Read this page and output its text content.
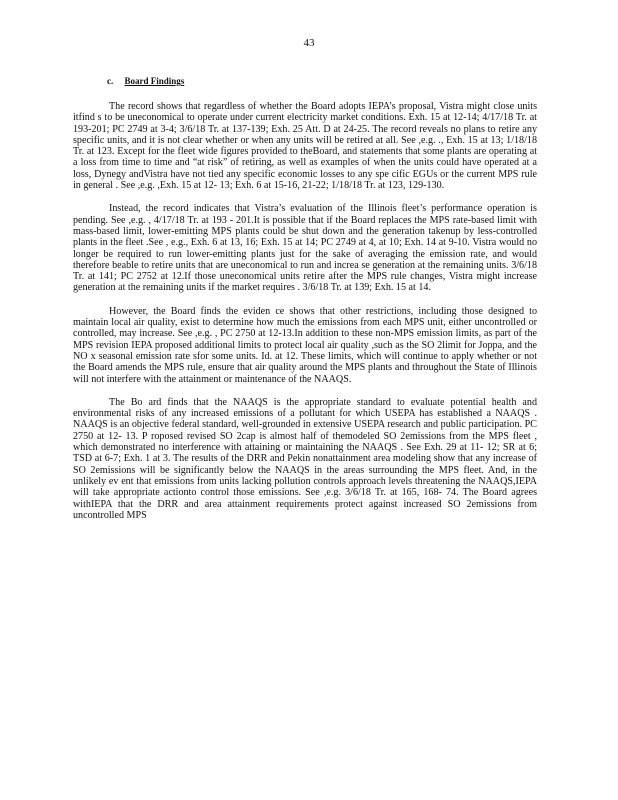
43
c. Board Findings

The record shows that regardless of whether the Board adopts IEPA’s proposal, Vistra might close units itfind s to be uneconomical to operate under current electricity market conditions. Exh. 15 at 12-14; 4/17/18 Tr. at 193-201; PC 2749 at 3-4; 3/6/18 Tr. at 137-139; Exh. 25 Att. D at 24-25. The record reveals no plans to retire any specific units, and it is not clear whether or when any units will be retired at all. See ,e.g. ., Exh. 15 at 13; 1/18/18 Tr. at 123. Except for the fleet wide figures provided to theBoard, and statements that some plants are operating at a loss from time to time and “at risk” of retiring, as well as examples of when the units could have operated at a loss, Dynegy andVistra have not tied any specific economic losses to any spe cific EGUs or the current MPS rule in general . See ,e.g. ,Exh. 15 at 12- 13; Exh. 6 at 15-16, 21-22; 1/18/18 Tr. at 123, 129-130.

Instead, the record indicates that Vistra’s evaluation of the Illinois fleet’s performance operation is pending. See ,e.g. , 4/17/18 Tr. at 193 - 201.It is possible that if the Board replaces the MPS rate-based limit with mass-based limit, lower-emitting MPS plants could be shut down and the generation takenup by less-controlled plants in the fleet .See , e.g., Exh. 6 at 13, 16; Exh. 15 at 14; PC 2749 at 4, at 10; Exh. 14 at 9-10. Vistra would no longer be required to run lower-emitting plants just for the sake of averaging the emission rate, and would therefore beable to retire units that are uneconomical to run and increa se generation at the remaining units. 3/6/18 Tr. at 141; PC 2752 at 12.If those uneconomical units retire after the MPS rule changes, Vistra might increase generation at the remaining units if the market requires . 3/6/18 Tr. at 139; Exh. 15 at 14.

However, the Board finds the eviden ce shows that other restrictions, including those designed to maintain local air quality, exist to determine how much the emissions from each MPS unit, either uncontrolled or controlled, may increase. See ,e.g. , PC 2750 at 12-13.In addition to these non-MPS emission limits, as part of the MPS revision IEPA proposed additional limits to protect local air quality ,such as the SO 2limit for Joppa, and the NO x seasonal emission rate sfor some units. Id. at 12. These limits, which will continue to apply whether or not the Board amends the MPS rule, ensure that air quality around the MPS plants and throughout the State of Illinois will not interfere with the attainment or maintenance of the NAAQS.

The Bo ard finds that the NAAQS is the appropriate standard to evaluate potential health and environmental risks of any increased emissions of a pollutant for which USEPA has established a NAAQS . NAAQS is an objective federal standard, well-grounded in extensive USEPA research and public participation. PC 2750 at 12- 13. P roposed revised SO 2cap is almost half of themodeled SO 2emissions from the MPS fleet , which demonstrated no interference with attaining or maintaining the NAAQS . See Exh. 29 at 11- 12; SR at 6; TSD at 6-7; Exh. 1 at 3. The results of the DRR and Pekin nonattainment area modeling show that any increase of SO 2emissions will be significantly below the NAAQS in the areas surrounding the MPS fleet. And, in the unlikely ev ent that emissions from units lacking pollution controls approach levels threatening the NAAQS,IEPA will take appropriate actionto control those emissions. See ,e.g. 3/6/18 Tr. at 165, 168- 74. The Board agrees withIEPA that the DRR and area attainment requirements protect against increased SO 2emissions from uncontrolled MPS
